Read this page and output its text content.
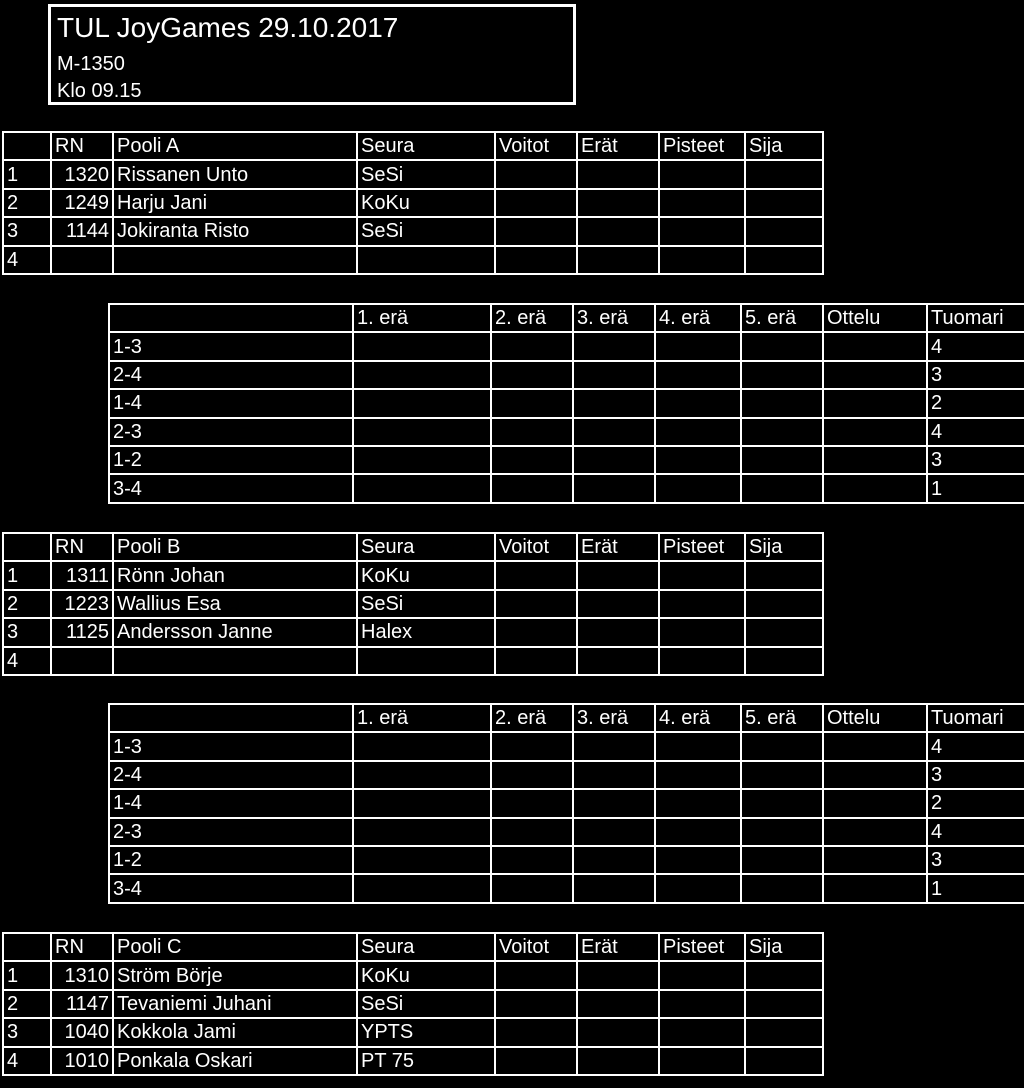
TUL JoyGames 29.10.2017
M-1350
Klo 09.15
	RN	Pooli A	Seura	Voitot	Erät	Pisteet	Sija
1	1320	Rissanen Unto	SeSi				
2	1249	Harju Jani	KoKu				
3	1144	Jokiranta Risto	SeSi				
4							
	1. erä	2. erä	3. erä	4. erä	5. erä	Ottelu	Tuomari
1-3							4
2-4							3
1-4							2
2-3							4
1-2							3
3-4							1
	RN	Pooli B	Seura	Voitot	Erät	Pisteet	Sija
1	1311	Rönn Johan	KoKu				
2	1223	Wallius Esa	SeSi				
3	1125	Andersson Janne	Halex				
4							
	1. erä	2. erä	3. erä	4. erä	5. erä	Ottelu	Tuomari
1-3							4
2-4							3
1-4							2
2-3							4
1-2							3
3-4							1
	RN	Pooli C	Seura	Voitot	Erät	Pisteet	Sija
1	1310	Ström Börje	KoKu				
2	1147	Tevaniemi Juhani	SeSi				
3	1040	Kokkola Jami	YPTS				
4	1010	Ponkala Oskari	PT 75				
